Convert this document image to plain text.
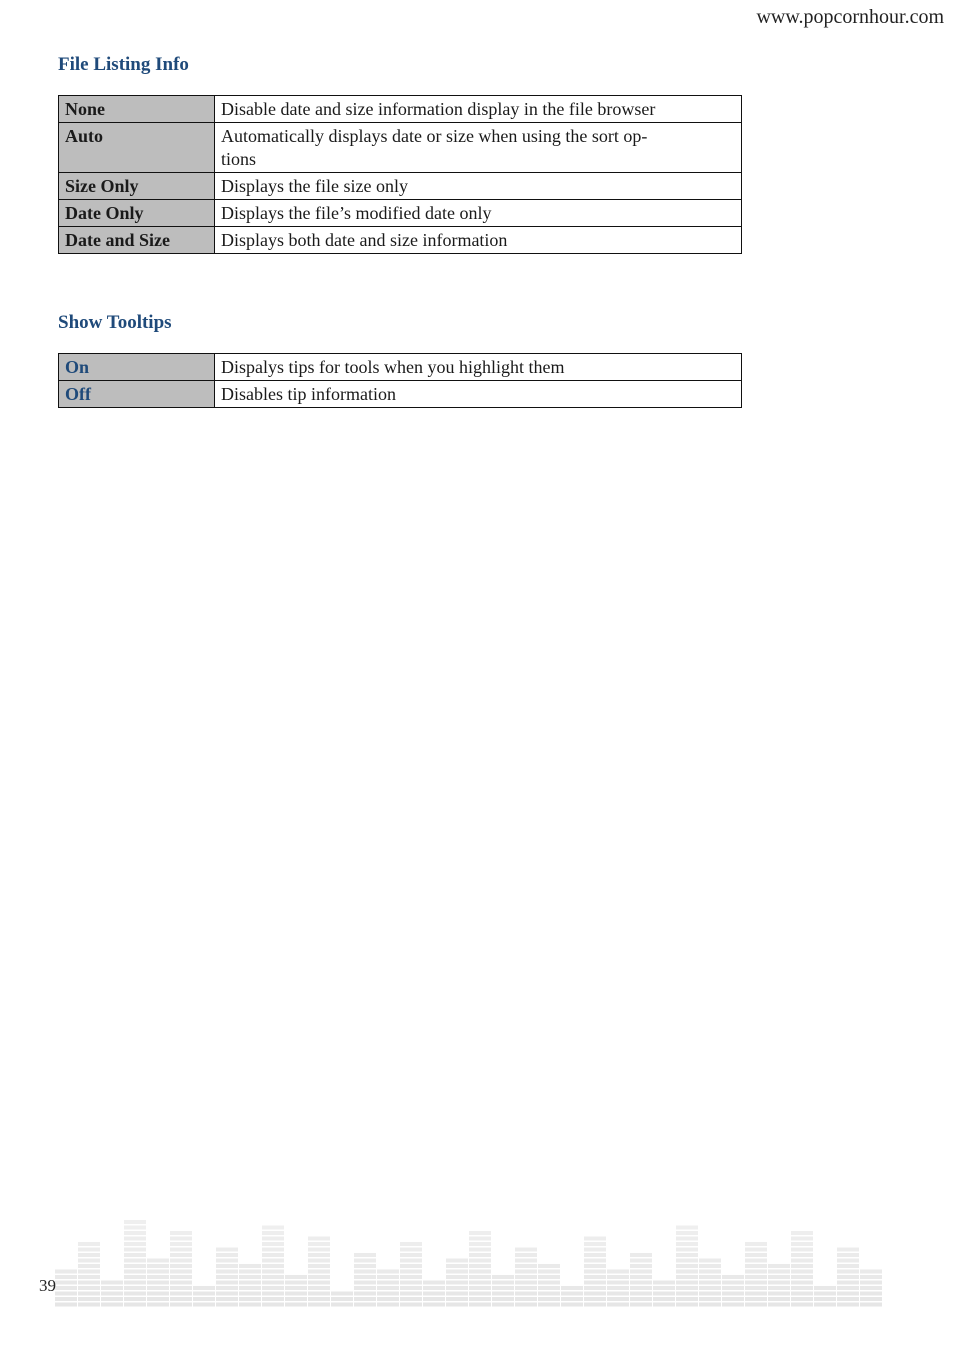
www.popcornhour.com
File Listing Info
None	Disable date and size information display in the file browser
Auto	Automatically displays date or size when using the sort op-
tions
Size Only	Displays the file size only
Date Only	Displays the file’s modified date only
Date and Size	Displays both date and size information
Show Tooltips
On	Dispalys tips for tools when you highlight them
Off	Disables tip information
39
